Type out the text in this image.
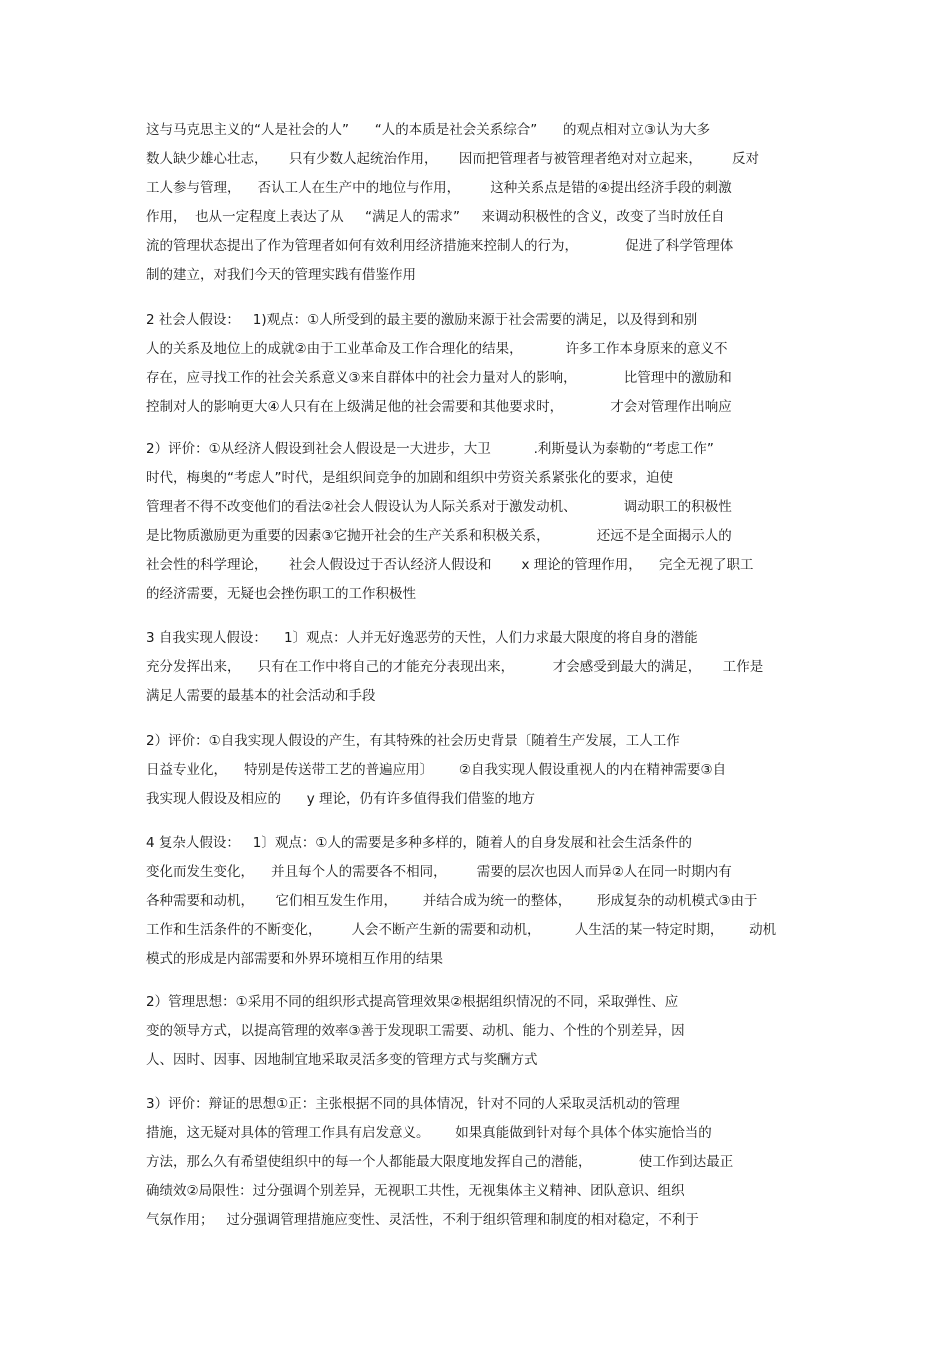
这与马克思主义的“人是社会的人”      “人的本质是社会关系综合”      的观点相对立③认为大多
数人缺少雄心壮志，     只有少数人起统治作用，     因而把管理者与被管理者绝对对立起来，       反对
工人参与管理，    否认工人在生产中的地位与作用，       这种关系点是错的④提出经济手段的刺激
作用，  也从一定程度上表达了从     “满足人的需求”     来调动积极性的含义，改变了当时放任自
流的管理状态提出了作为管理者如何有效利用经济措施来控制人的行为，           促进了科学管理体
制的建立，对我们今天的管理实践有借鉴作用
2 社会人假设：   1)观点：①人所受到的最主要的激励来源于社会需要的满足，以及得到和别
人的关系及地位上的成就②由于工业革命及工作合理化的结果，          许多工作本身原来的意义不
存在，应寻找工作的社会关系意义③来自群体中的社会力量对人的影响，           比管理中的激励和
控制对人的影响更大④人只有在上级满足他的社会需要和其他要求时，           才会对管理作出响应
2）评价：①从经济人假设到社会人假设是一大进步，大卫          .利斯曼认为泰勒的“考虑工作”
时代，梅奥的“考虑人”时代，是组织间竞争的加剧和组织中劳资关系紧张化的要求，迫使
管理者不得不改变他们的看法②社会人假设认为人际关系对于激发动机、           调动职工的积极性
是比物质激励更为重要的因素③它抛开社会的生产关系和积极关系，           还远不是全面揭示人的
社会性的科学理论，     社会人假设过于否认经济人假设和       x 理论的管理作用，    完全无视了职工
的经济需要，无疑也会挫伤职工的工作积极性
3 自我实现人假设：    1〕观点：人并无好逸恶劳的天性，人们力求最大限度的将自身的潜能
充分发挥出来，    只有在工作中将自己的才能充分表现出来，         才会感受到最大的满足，     工作是
满足人需要的最基本的社会活动和手段
2）评价：①自我实现人假设的产生，有其特殊的社会历史背景〔随着生产发展，工人工作
日益专业化，    特别是传送带工艺的普遍应用〕      ②自我实现人假设重视人的内在精神需要③自
我实现人假设及相应的      y 理论，仍有许多值得我们借鉴的地方
4 复杂人假设：   1〕观点：①人的需要是多种多样的，随着人的自身发展和社会生活条件的
变化而发生变化，    并且每个人的需要各不相同，       需要的层次也因人而异②人在同一时期内有
各种需要和动机，     它们相互发生作用，      并结合成为统一的整体，      形成复杂的动机模式③由于
工作和生活条件的不断变化，       人会不断产生新的需要和动机，        人生活的某一特定时期，      动机
模式的形成是内部需要和外界环境相互作用的结果
2）管理思想：①采用不同的组织形式提高管理效果②根据组织情况的不同，采取弹性、应
变的领导方式，以提高管理的效率③善于发现职工需要、动机、能力、个性的个别差异，因
人、因时、因事、因地制宜地采取灵活多变的管理方式与奖酬方式
3）评价：辩证的思想①正：主张根据不同的具体情况，针对不同的人采取灵活机动的管理
措施，这无疑对具体的管理工作具有启发意义。      如果真能做到针对每个具体个体实施恰当的
方法，那么久有希望使组织中的每一个人都能最大限度地发挥自己的潜能，           使工作到达最正
确绩效②局限性：过分强调个别差异，无视职工共性，无视集体主义精神、团队意识、组织
气氛作用；   过分强调管理措施应变性、灵活性，不利于组织管理和制度的相对稳定，不利于
